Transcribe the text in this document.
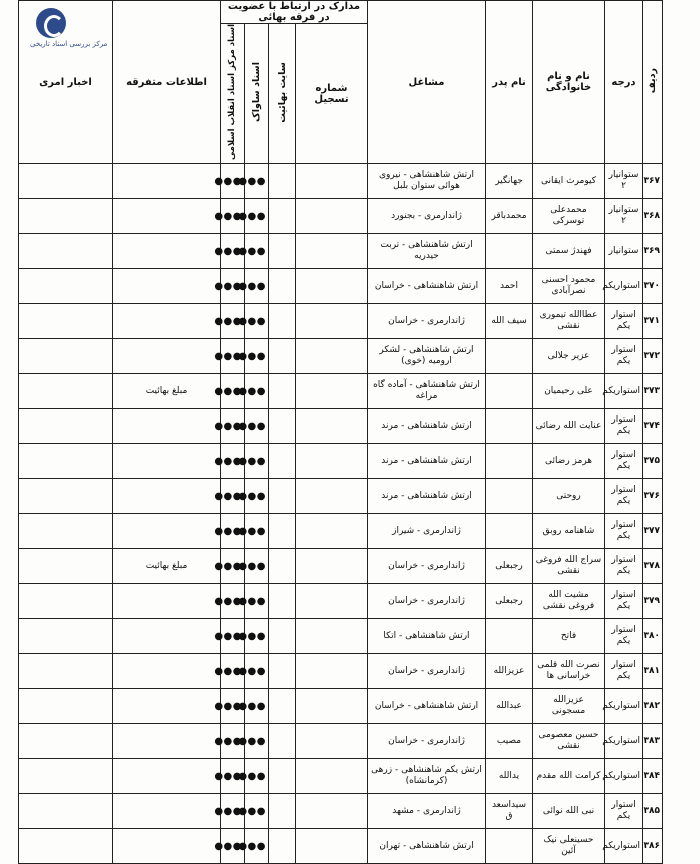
مرکز بررسی اسناد تاریخی
ردیف	درجه	نام و نام خانوادگی	نام پدر	مشاغل	مدارک در ارتباط با عضویت در فرقه بهائی				اطلاعات متفرقه	اخبار امری
					شماره تسجیل	سایت بهائیت	اسناد ساواک	اسناد مرکز اسناد انقلاب اسلامی		
۳۶۷	ستوانیار ۲	کیومرث ایقانی	جهانگیر	ارتش شاهنشاهی - نیروی هوائی ستوان بلبل			●●●	●●●		
۳۶۸	ستوانیار ۲	محمدعلی توسرکی	محمدباقر	ژاندارمری - بجنورد			●●●	●●●		
۳۶۹	ستوانیار	فهندژ سمتی		ارتش شاهنشاهی - تربت حیدریه			●●●	●●●		
۳۷۰	استواریکم	محمود احسنی نصرآبادی	احمد	ارتش شاهنشاهی - خراسان			●●●	●●●		
۳۷۱	استوار یکم	عطاالله تیموری نقشی	سیف الله	ژاندارمری - خراسان			●●●	●●●		
۳۷۲	استوار یکم	عزیر جلالی		ارتش شاهنشاهی - لشکر ارومیه (خوی)			●●●	●●●		
۳۷۳	استواریکم	علی رحیمیان		ارتش شاهنشاهی - آماده گاه مراغه			●●●	●●●	مبلغ بهائیت	
۳۷۴	استوار یکم	عنایت الله رضائی		ارتش شاهنشاهی - مرند			●●●	●●●		
۳۷۵	استوار یکم	هرمز رضائی		ارتش شاهنشاهی - مرند			●●●	●●●		
۳۷۶	استوار یکم	روحتی		ارتش شاهنشاهی - مرند			●●●	●●●		
۳۷۷	استوار یکم	شاهنامه روبق		ژاندارمری - شیراز			●●●	●●●		
۳۷۸	استوار یکم	سراج الله فروغی نقشی	رجبعلی	ژاندارمری - خراسان			●●●	●●●	مبلغ بهائیت	
۳۷۹	استوار یکم	مشیت الله فروغی نقشی	رجبعلی	ژاندارمری - خراسان			●●●	●●●		
۳۸۰	استوار یکم	فاتح		ارتش شاهنشاهی - اتکا			●●●	●●●		
۳۸۱	استوار یکم	نصرت الله قلمی خراسانی ها	عزیزالله	ژاندارمری - خراسان			●●●	●●●		
۳۸۲	استواریکم	عزیزالله مسجونی	عبدالله	ارتش شاهنشاهی - خراسان			●●●	●●●		
۳۸۳	استواریکم	حسین معصومی نقشی	مصیب	ژاندارمری - خراسان			●●●	●●●		
۳۸۴	استواریکم	کرامت الله مقدم	یدالله	ارتش یکم شاهنشاهی - زرهی (کرمانشاه)			●●●	●●●		
۳۸۵	استوار یکم	نبی الله نوائی	سیداسعد ق	ژاندارمری - مشهد			●●●	●●●		
۳۸۶	استواریکم	حسینعلی نیک آئین		ارتش شاهنشاهی - تهران			●●●	●●●		
